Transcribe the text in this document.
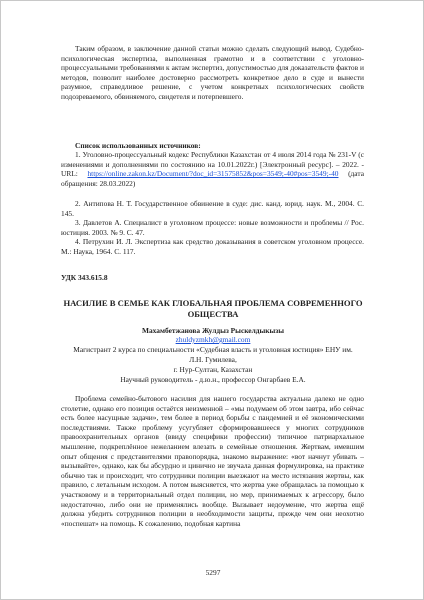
Таким образом, в заключение данной статьи можно сделать следующий вывод. Судебно-психологическая экспертиза, выполненная грамотно и в соответствии с уголовно-процессуальными требованиями к актам экспертиз, допустимостью для доказательств фактов и методов, позволит наиболее достоверно рассмотреть конкретное дело в суде и вынести разумное, справедливое решение, с учетом конкретных психологических свойств подозреваемого, обвиняемого, свидетеля и потерпевшего.

Список использованных источников:

1. Уголовно-процессуальный кодекс Республики Казахстан от 4 июля 2014 года № 231-V (с изменениями и дополнениями по состоянию на 10.01.2022г.) [Электронный ресурс]. – 2022. - URL: https://online.zakon.kz/Document/?doc_id=31575852&pos=3549;-40#pos=3549;-40 (дата обращения: 28.03.2022)

2. Антипова Н. Т. Государственное обвинение в суде: дис. канд. юрид. наук. М., 2004. С. 145.

3. Давлетов А. Специалист в уголовном процессе: новые возможности и проблемы // Рос. юстиция. 2003. № 9. С. 47.

4. Петрухин И. Л. Экспертиза как средство доказывания в советском уголовном процессе. М.: Наука, 1964. С. 117.

УДК 343.615.8
НАСИЛИЕ В СЕМЬЕ КАК ГЛОБАЛЬНАЯ ПРОБЛЕМА СОВРЕМЕННОГО ОБЩЕСТВА
Махамбетжанова Жулдыз Рыскелдыкызы
zhuldyzmkh@gmail.com
Магистрант 2 курса по специальности «Судебная власть и уголовная юстиция» ЕНУ им. Л.Н. Гумилева,
г. Нур-Султан, Казахстан
Научный руководитель - д.ю.н., профессор Онгарбаев Е.А.

Проблема семейно-бытового насилия для нашего государства актуальна далеко не одно столетие, однако его позиция остаётся неизменной – «мы подумаем об этом завтра, ибо сейчас есть более насущные задачи», тем более в период борьбы с пандемией и её экономическими последствиями. Также проблему усугубляет сформировавшееся у многих сотрудников правоохранительных органов (ввиду специфики профессии) типичное патриархальное мышление, подкреплённое нежеланием влезать в семейные отношения. Жертвам, имевшим опыт общения с представителями правопорядка, знакомо выражение: «вот начнут убивать – вызывайте», однако, как бы абсурдно и цинично не звучала данная формулировка, на практике обычно так и происходит, что сотрудники полиции выезжают на место истязания жертвы, как правило, с летальным исходом. А потом выясняется, что жертва уже обращалась за помощью к участковому и в территориальный отдел полиции, но мер, принимаемых к агрессору, было недостаточно, либо они не применялись вообще. Вызывает недоумение, что жертва ещё должна убедить сотрудников полиции в необходимости защиты, прежде чем они неохотно «поспешат» на помощь. К сожалению, подобная картина

5297
